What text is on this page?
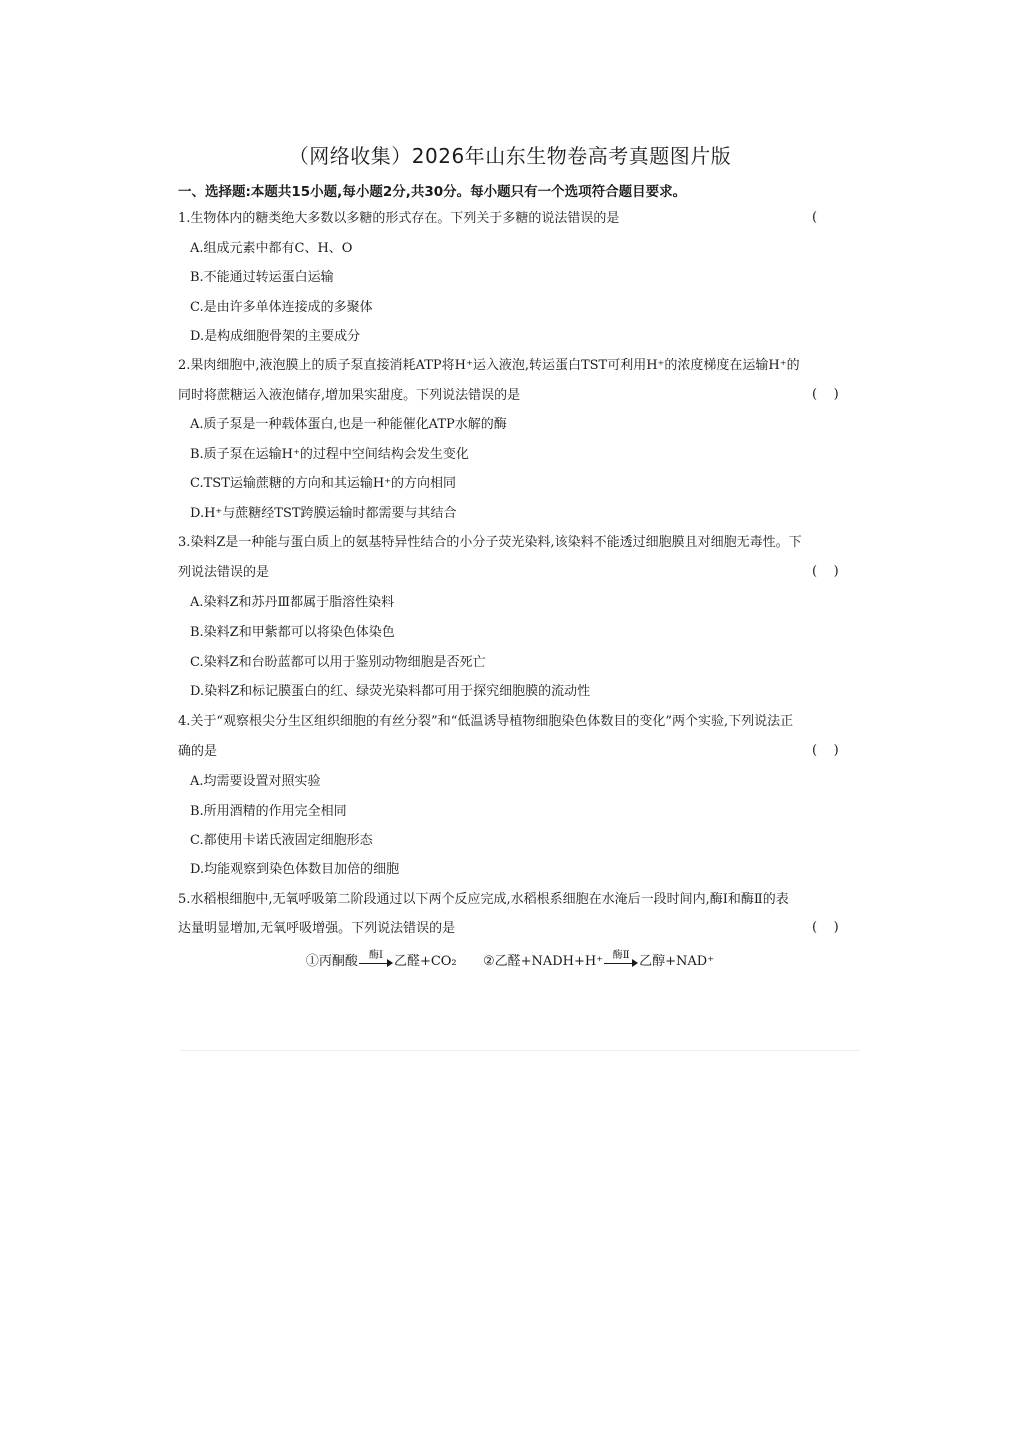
（网络收集）2026年山东生物卷高考真题图片版
一、选择题:本题共15小题,每小题2分,共30分。每小题只有一个选项符合题目要求。
1.生物体内的糖类绝大多数以多糖的形式存在。下列关于多糖的说法错误的是	(
A.组成元素中都有C、H、O
B.不能通过转运蛋白运输
C.是由许多单体连接成的多聚体
D.是构成细胞骨架的主要成分
2.果肉细胞中,液泡膜上的质子泵直接消耗ATP将H⁺运入液泡,转运蛋白TST可利用H⁺的浓度梯度在运输H⁺的
同时将蔗糖运入液泡储存,增加果实甜度。下列说法错误的是	(    )
A.质子泵是一种载体蛋白,也是一种能催化ATP水解的酶
B.质子泵在运输H⁺的过程中空间结构会发生变化
C.TST运输蔗糖的方向和其运输H⁺的方向相同
D.H⁺与蔗糖经TST跨膜运输时都需要与其结合
3.染料Z是一种能与蛋白质上的氨基特异性结合的小分子荧光染料,该染料不能透过细胞膜且对细胞无毒性。下
列说法错误的是	(    )
A.染料Z和苏丹Ⅲ都属于脂溶性染料
B.染料Z和甲紫都可以将染色体染色
C.染料Z和台盼蓝都可以用于鉴别动物细胞是否死亡
D.染料Z和标记膜蛋白的红、绿荧光染料都可用于探究细胞膜的流动性
4.关于“观察根尖分生区组织细胞的有丝分裂”和“低温诱导植物细胞染色体数目的变化”两个实验,下列说法正
确的是	(    )
A.均需要设置对照实验
B.所用酒精的作用完全相同
C.都使用卡诺氏液固定细胞形态
D.均能观察到染色体数目加倍的细胞
5.水稻根细胞中,无氧呼吸第二阶段通过以下两个反应完成,水稻根系细胞在水淹后一段时间内,酶Ⅰ和酶Ⅱ的表
达量明显增加,无氧呼吸增强。下列说法错误的是	(    )
①丙酮酸	酶Ⅰ 乙醛+CO₂ ②乙醛+NADH+H⁺ 酶Ⅱ 乙醇+NAD⁺
